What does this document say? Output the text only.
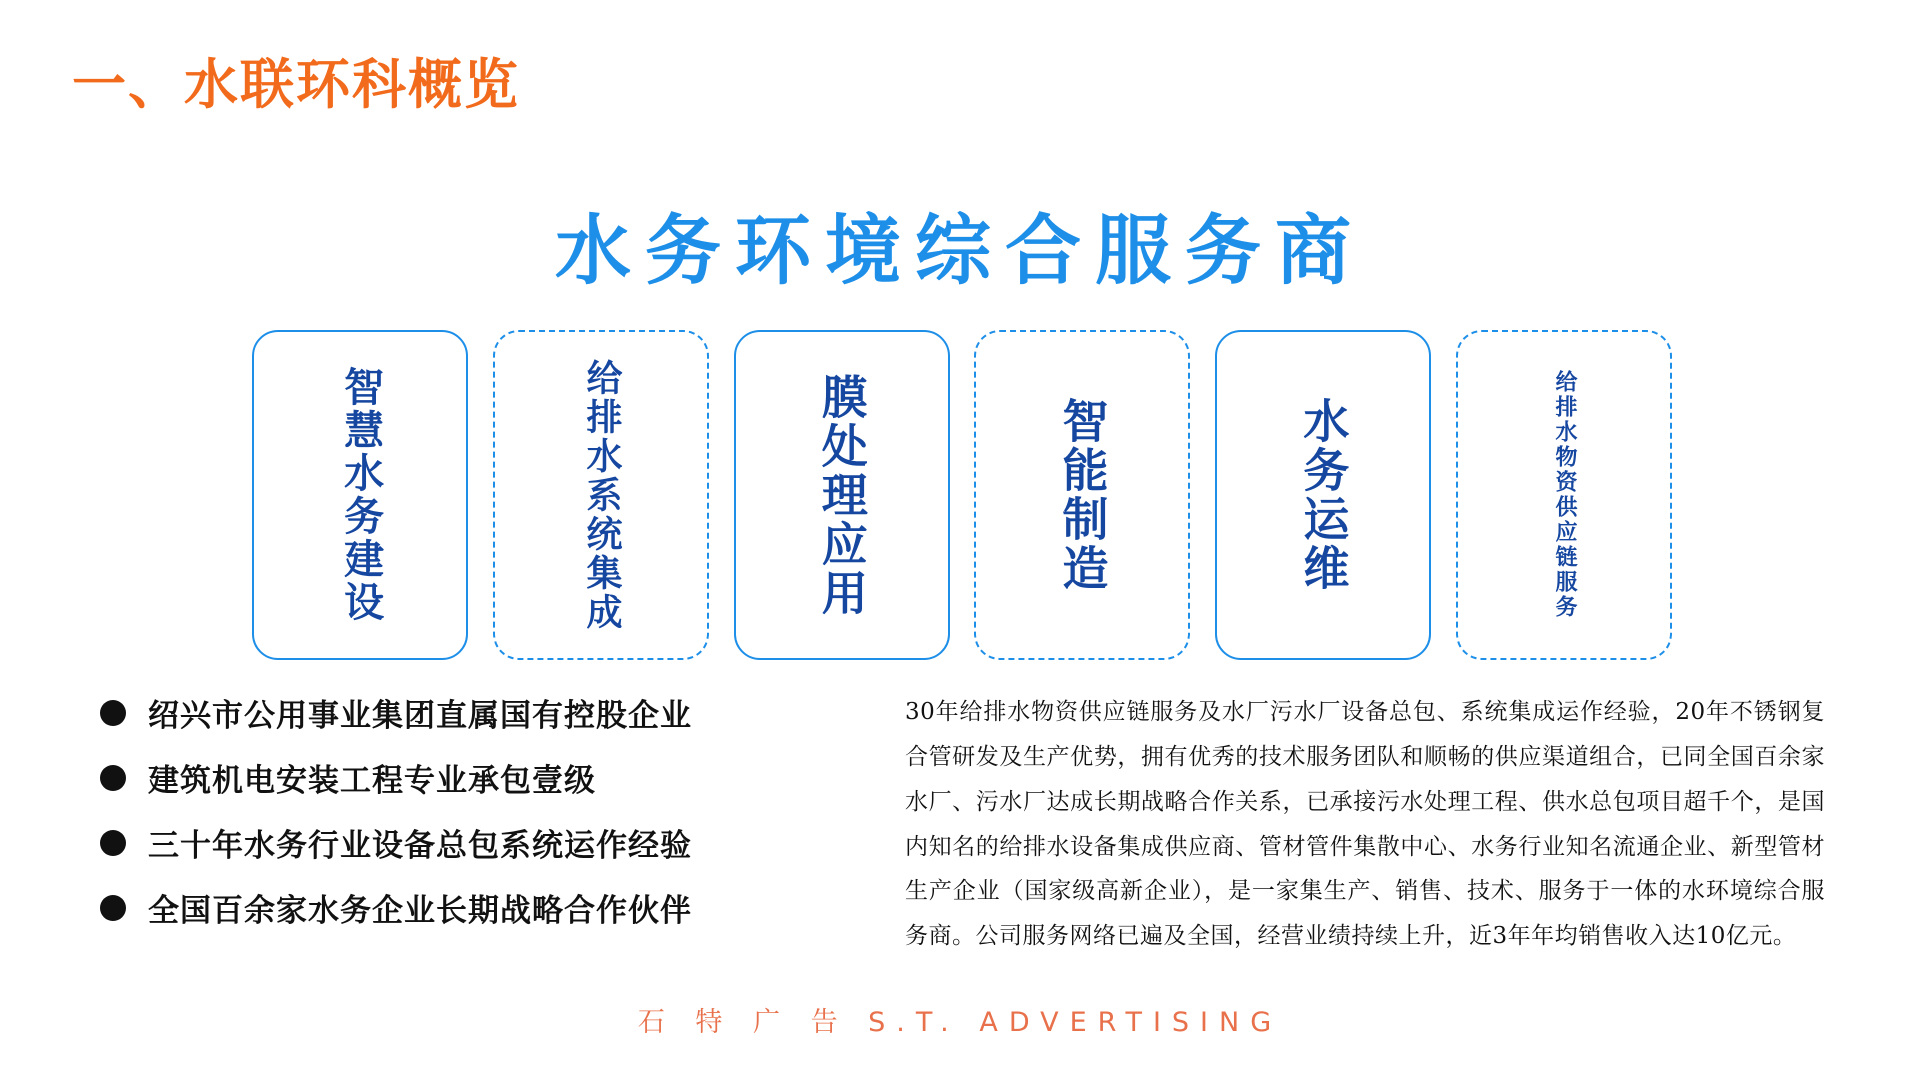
一、水联环科概览
水务环境综合服务商
智慧水务建设	给排水系统集成	膜处理应用	智能制造	水务运维	给排水物资供应链服务
绍兴市公用事业集团直属国有控股企业
建筑机电安装工程专业承包壹级
三十年水务行业设备总包系统运作经验
全国百余家水务企业长期战略合作伙伴
30年给排水物资供应链服务及水厂污水厂设备总包、系统集成运作经验，20年不锈钢复合管研发及生产优势，拥有优秀的技术服务团队和顺畅的供应渠道组合，已同全国百余家水厂、污水厂达成长期战略合作关系，已承接污水处理工程、供水总包项目超千个，是国内知名的给排水设备集成供应商、管材管件集散中心、水务行业知名流通企业、新型管材生产企业（国家级高新企业），是一家集生产、销售、技术、服务于一体的水环境综合服务商。公司服务网络已遍及全国，经营业绩持续上升，近3年年均销售收入达10亿元。
石 特 广 告 S.T. ADVERTISING
